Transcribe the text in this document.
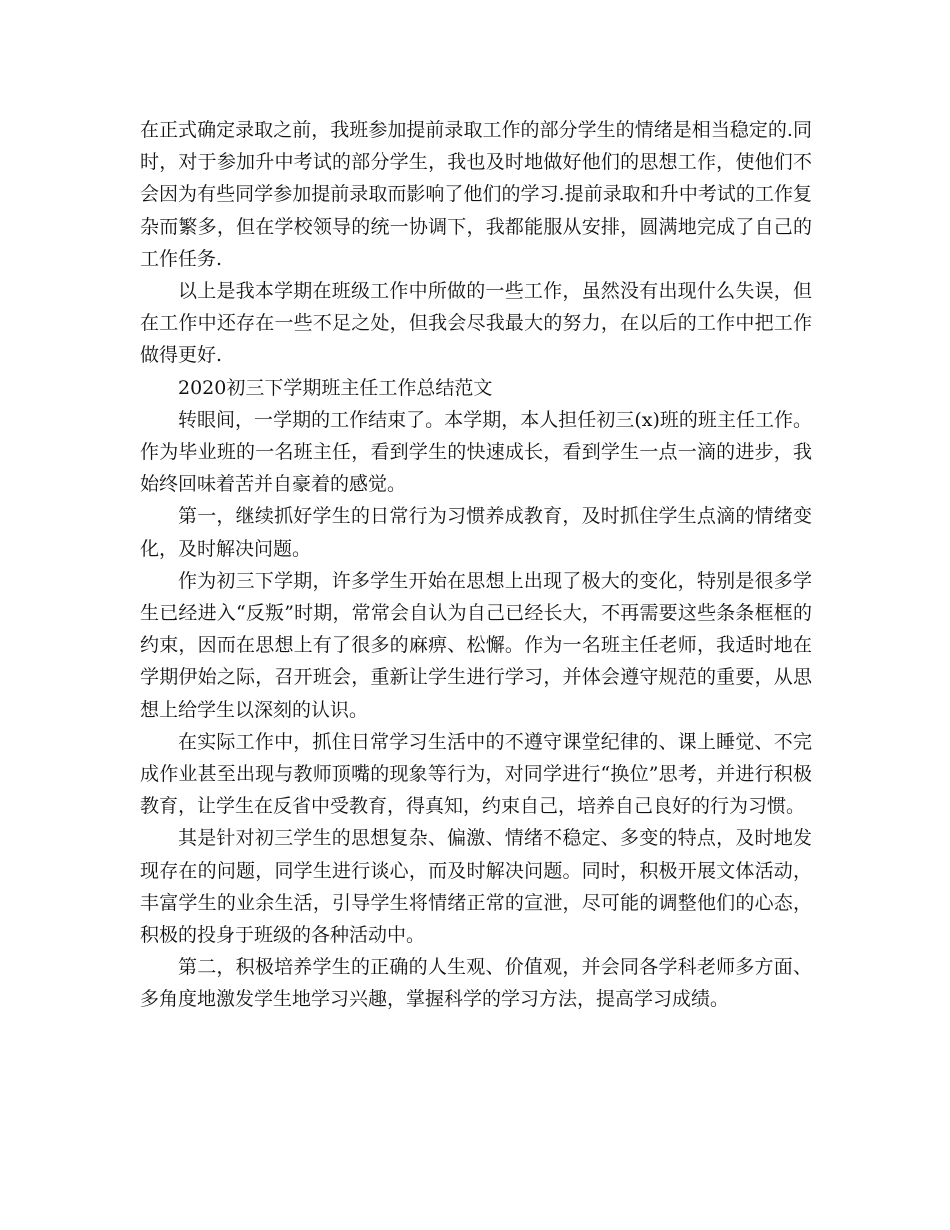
在正式确定录取之前，我班参加提前录取工作的部分学生的情绪是相当稳定的.同时，对于参加升中考试的部分学生，我也及时地做好他们的思想工作，使他们不会因为有些同学参加提前录取而影响了他们的学习.提前录取和升中考试的工作复杂而繁多，但在学校领导的统一协调下，我都能服从安排，圆满地完成了自己的工作任务.

以上是我本学期在班级工作中所做的一些工作，虽然没有出现什么失误，但在工作中还存在一些不足之处，但我会尽我最大的努力，在以后的工作中把工作做得更好.

2020初三下学期班主任工作总结范文

转眼间，一学期的工作结束了。本学期，本人担任初三(x)班的班主任工作。作为毕业班的一名班主任，看到学生的快速成长，看到学生一点一滴的进步，我始终回味着苦并自豪着的感觉。

第一，继续抓好学生的日常行为习惯养成教育，及时抓住学生点滴的情绪变化，及时解决问题。

作为初三下学期，许多学生开始在思想上出现了极大的变化，特别是很多学生已经进入“反叛”时期，常常会自认为自己已经长大，不再需要这些条条框框的约束，因而在思想上有了很多的麻痹、松懈。作为一名班主任老师，我适时地在学期伊始之际，召开班会，重新让学生进行学习，并体会遵守规范的重要，从思想上给学生以深刻的认识。

在实际工作中，抓住日常学习生活中的不遵守课堂纪律的、课上睡觉、不完成作业甚至出现与教师顶嘴的现象等行为，对同学进行“换位”思考，并进行积极教育，让学生在反省中受教育，得真知，约束自己，培养自己良好的行为习惯。

其是针对初三学生的思想复杂、偏激、情绪不稳定、多变的特点，及时地发现存在的问题，同学生进行谈心，而及时解决问题。同时，积极开展文体活动，丰富学生的业余生活，引导学生将情绪正常的宣泄，尽可能的调整他们的心态，积极的投身于班级的各种活动中。

第二，积极培养学生的正确的人生观、价值观，并会同各学科老师多方面、多角度地激发学生地学习兴趣，掌握科学的学习方法，提高学习成绩。
